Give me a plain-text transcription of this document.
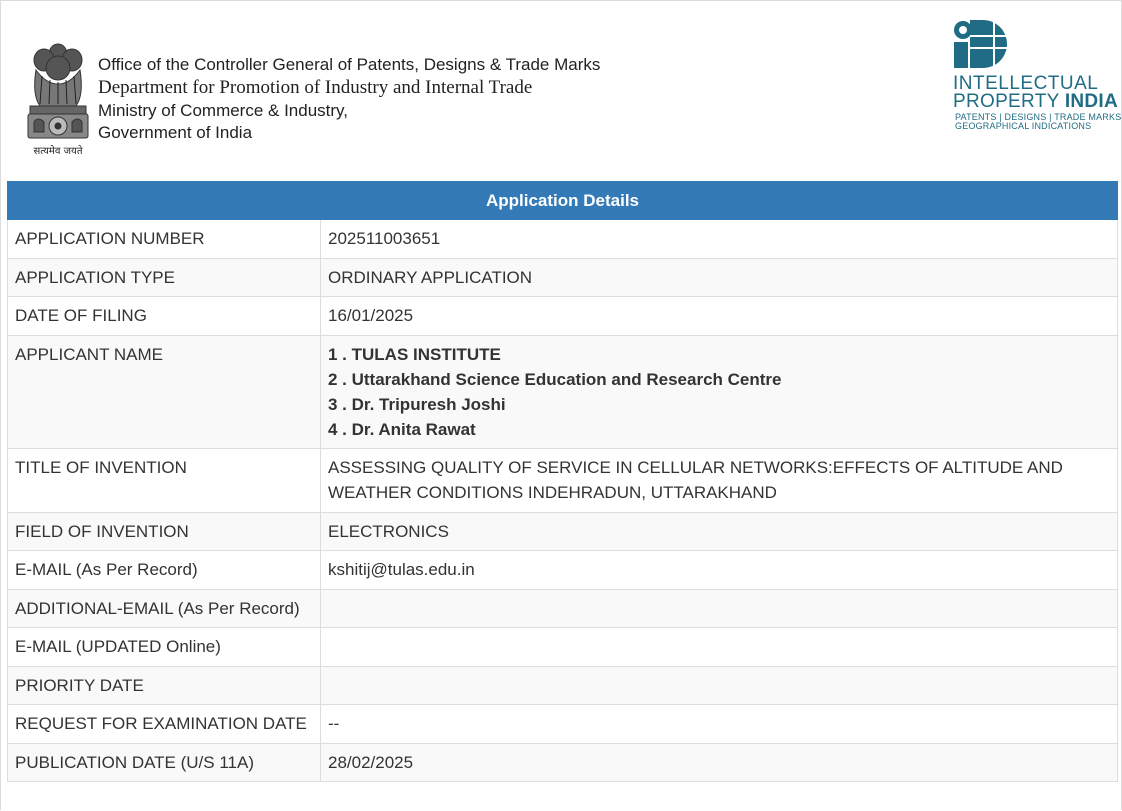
सत्यमेव जयते
Office of the Controller General of Patents, Designs & Trade Marks
Department for Promotion of Industry and Internal Trade
Ministry of Commerce & Industry,
Government of India
INTELLECTUAL
PROPERTY INDIA
PATENTS | DESIGNS | TRADE MARKS
GEOGRAPHICAL INDICATIONS
Application Details	

APPLICATION NUMBER	202511003651

APPLICATION TYPE	ORDINARY APPLICATION

DATE OF FILING	16/01/2025

APPLICANT NAME	1 . TULAS INSTITUTE
2 . Uttarakhand Science Education and Research Centre
3 . Dr. Tripuresh Joshi
4 . Dr. Anita Rawat

TITLE OF INVENTION	ASSESSING QUALITY OF SERVICE IN CELLULAR NETWORKS:EFFECTS OF ALTITUDE AND WEATHER CONDITIONS INDEHRADUN, UTTARAKHAND

FIELD OF INVENTION	ELECTRONICS

E-MAIL (As Per Record)	kshitij@tulas.edu.in

ADDITIONAL-EMAIL (As Per Record)	

E-MAIL (UPDATED Online)	

PRIORITY DATE	

REQUEST FOR EXAMINATION DATE	--

PUBLICATION DATE (U/S 11A)	28/02/2025
